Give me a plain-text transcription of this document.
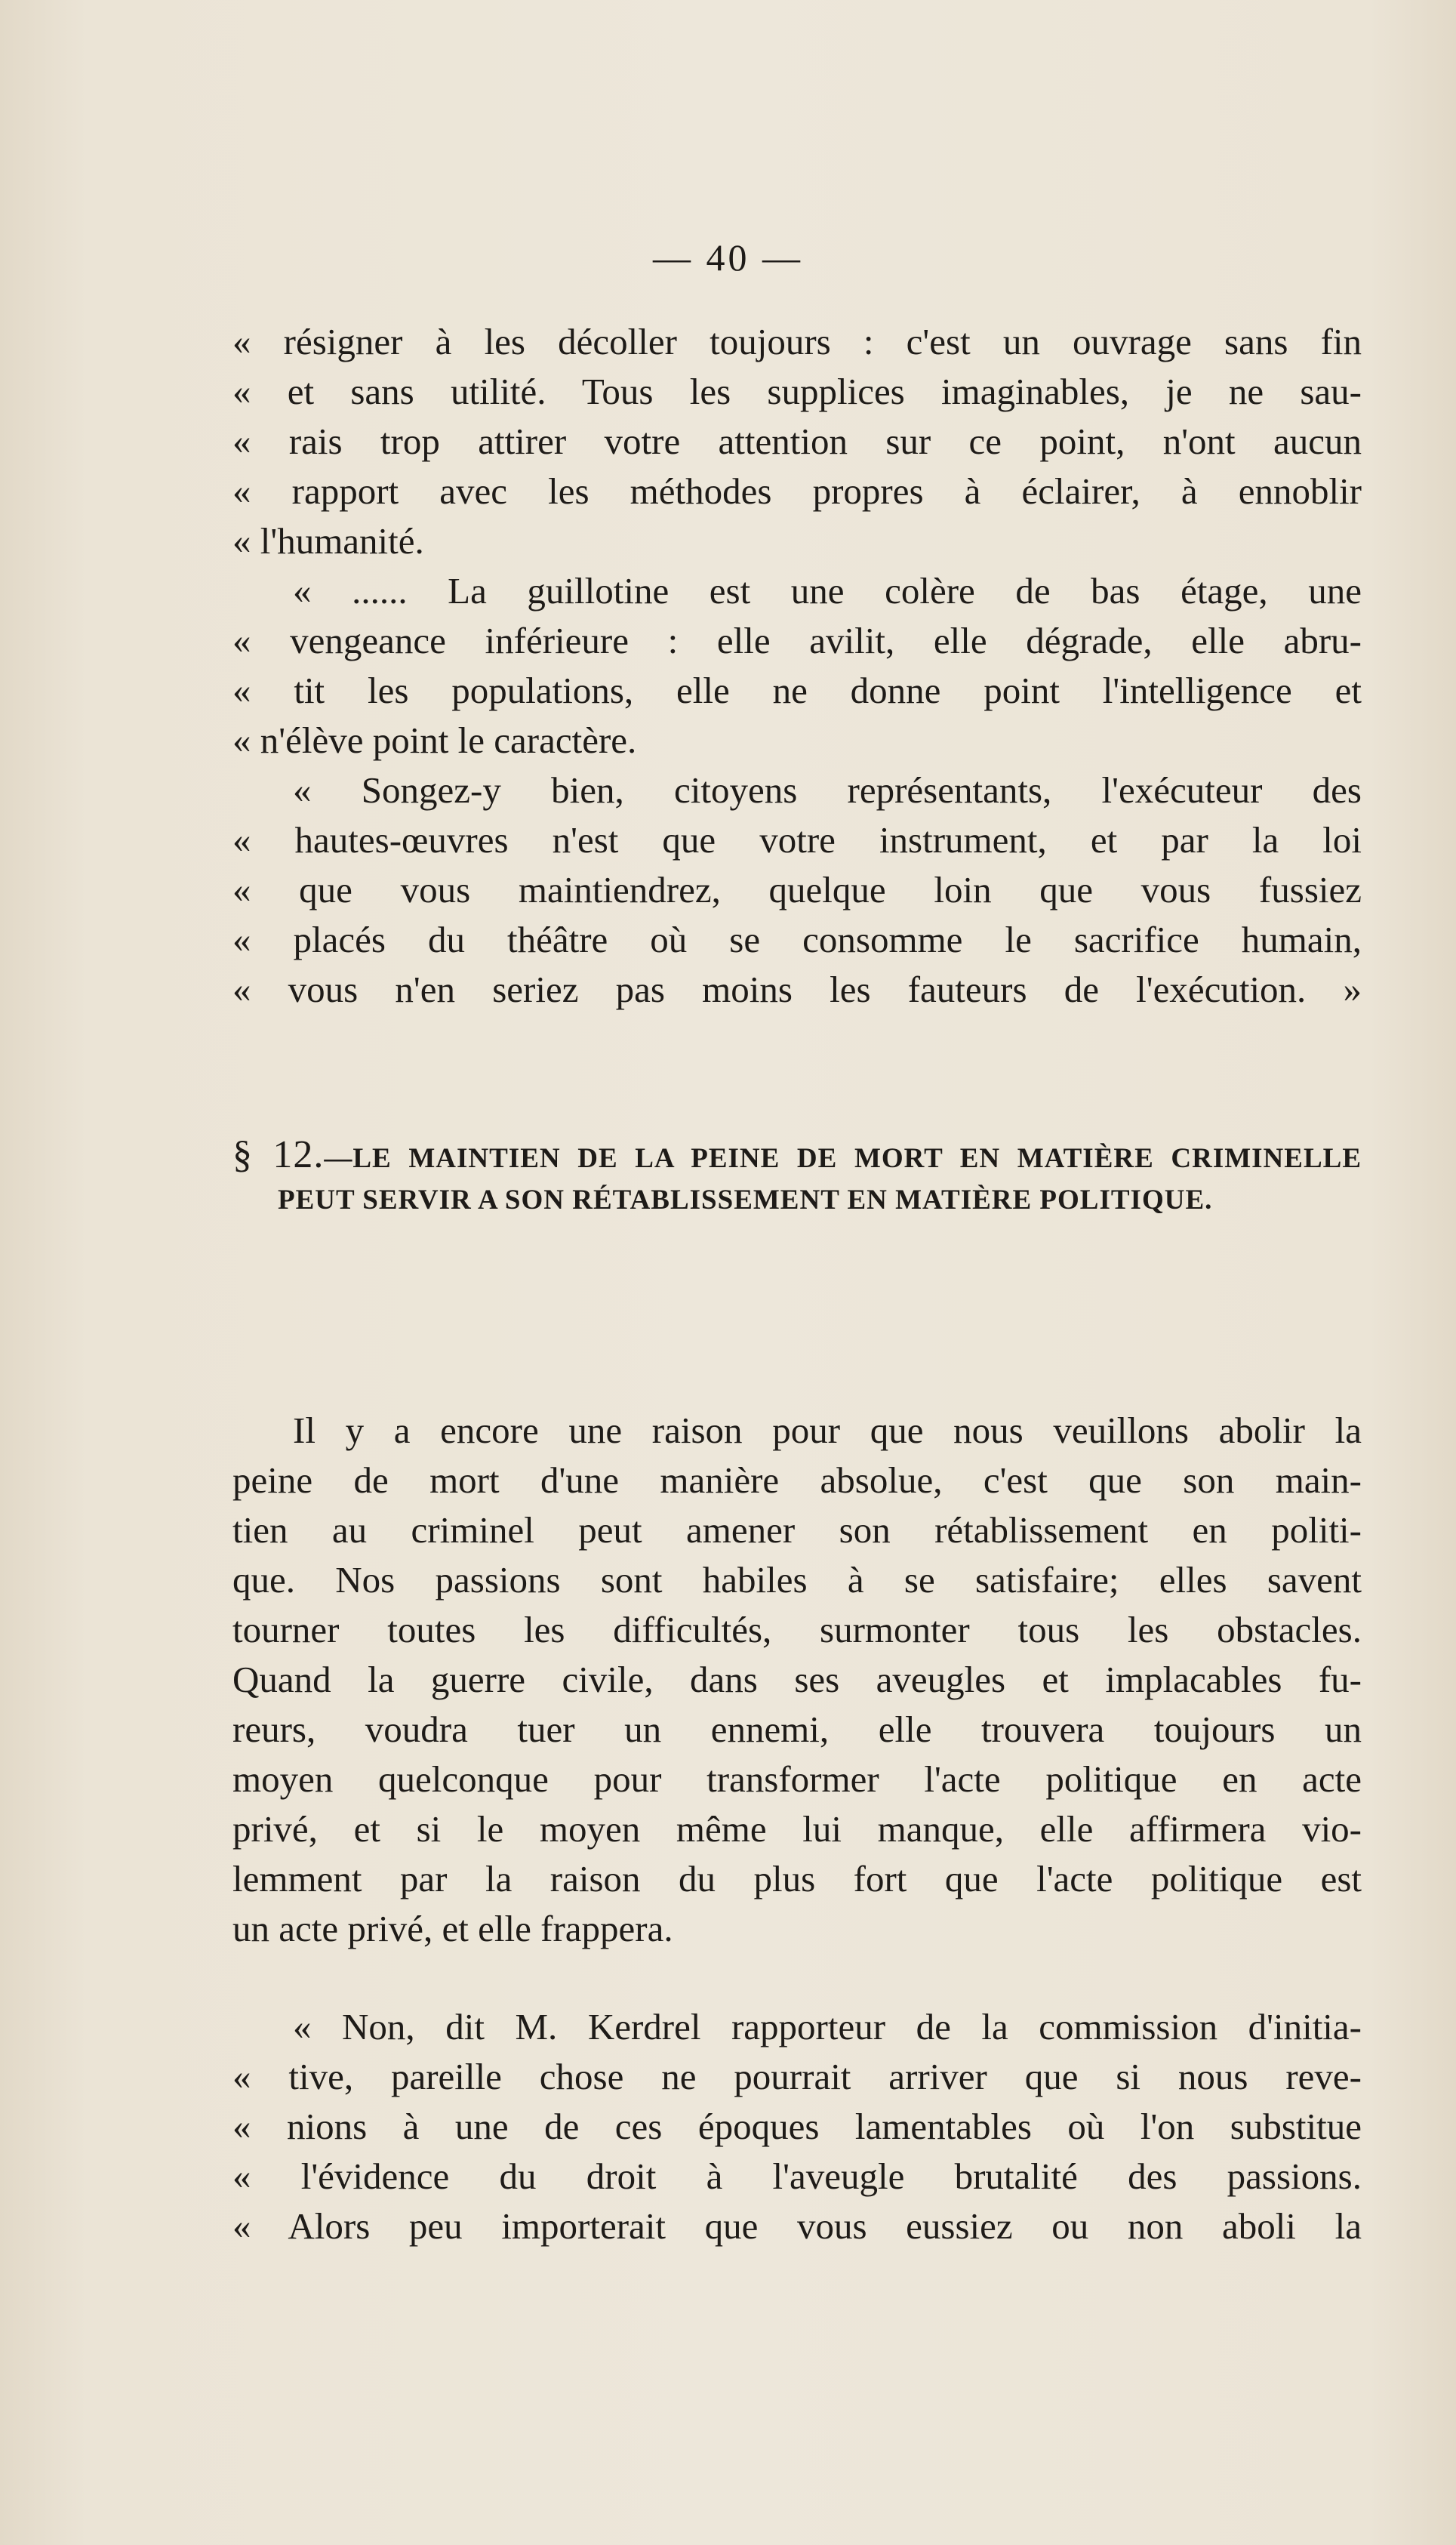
— 40 —
« résigner à les décoller toujours : c'est un ouvrage sans fin
« et sans utilité. Tous les supplices imaginables, je ne sau-
« rais trop attirer votre attention sur ce point, n'ont aucun
« rapport avec les méthodes propres à éclairer, à ennoblir
« l'humanité.
« ...... La guillotine est une colère de bas étage, une
« vengeance inférieure : elle avilit, elle dégrade, elle abru-
« tit les populations, elle ne donne point l'intelligence et
« n'élève point le caractère.
« Songez-y bien, citoyens représentants, l'exécuteur des
« hautes-œuvres n'est que votre instrument, et par la loi
« que vous maintiendrez, quelque loin que vous fussiez
« placés du théâtre où se consomme le sacrifice humain,
« vous n'en seriez pas moins les fauteurs de l'exécution. »
§ 12.—LE MAINTIEN DE LA PEINE DE MORT EN MATIÈRE CRIMINELLE
PEUT SERVIR A SON RÉTABLISSEMENT EN MATIÈRE POLITIQUE.
Il y a encore une raison pour que nous veuillons abolir la
peine de mort d'une manière absolue, c'est que son main-
tien au criminel peut amener son rétablissement en politi-
que. Nos passions sont habiles à se satisfaire; elles savent
tourner toutes les difficultés, surmonter tous les obstacles.
Quand la guerre civile, dans ses aveugles et implacables fu-
reurs, voudra tuer un ennemi, elle trouvera toujours un
moyen quelconque pour transformer l'acte politique en acte
privé, et si le moyen même lui manque, elle affirmera vio-
lemment par la raison du plus fort que l'acte politique est
un acte privé, et elle frappera.
« Non, dit M. Kerdrel rapporteur de la commission d'initia-
« tive, pareille chose ne pourrait arriver que si nous reve-
« nions à une de ces époques lamentables où l'on substitue
« l'évidence du droit à l'aveugle brutalité des passions.
« Alors peu importerait que vous eussiez ou non aboli la
